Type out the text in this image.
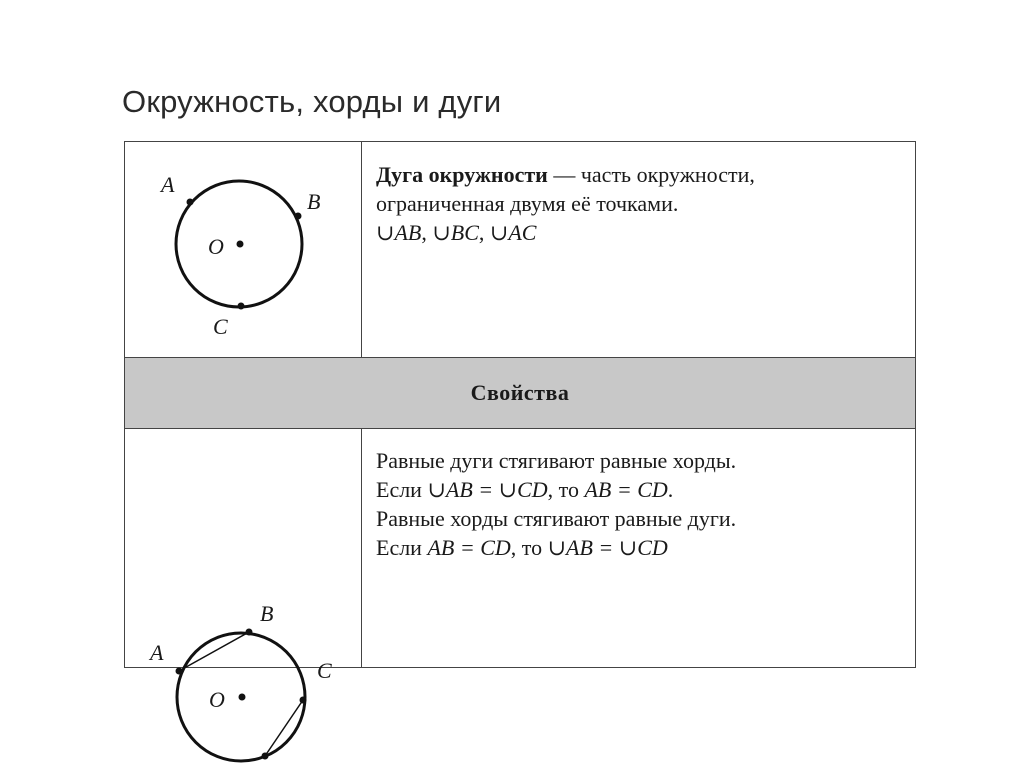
Окружность, хорды и дуги
A
B
C
O
Дуга окружности — часть окружности,
ограниченная двумя её точками.
∪AB, ∪BC, ∪AC
Свойства
A
B
C
O
Равные дуги стягивают равные хорды.
Если ∪AB = ∪CD, то AB = CD.
Равные хорды стягивают равные дуги.
Если AB = CD, то ∪AB = ∪CD
